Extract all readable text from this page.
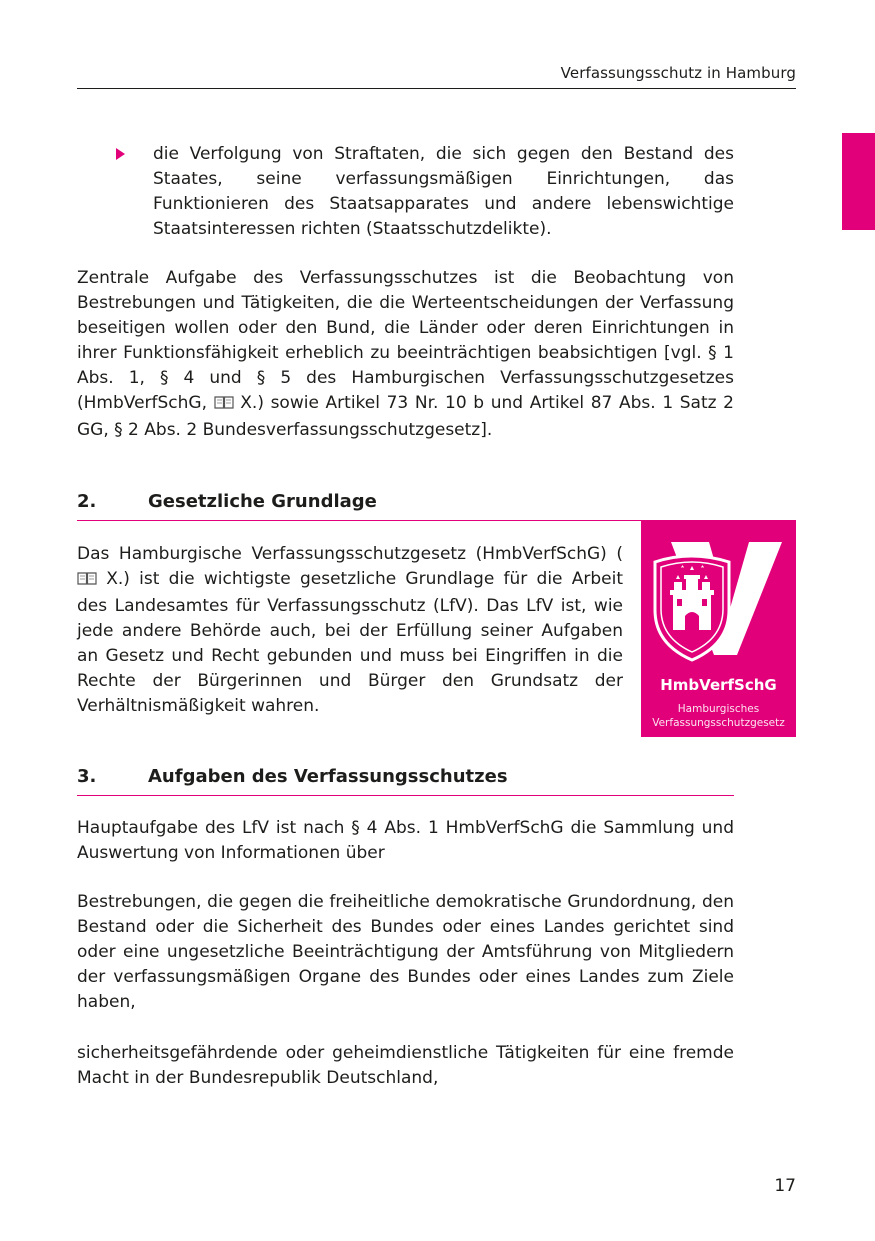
Verfassungsschutz in Hamburg

die Verfolgung von Straftaten, die sich gegen den Bestand des Staates, seine verfassungsmäßigen Einrichtungen, das Funktionieren des Staatsapparates und andere lebenswichtige Staatsinteressen richten (Staatsschutzdelikte).

Zentrale Aufgabe des Verfassungsschutzes ist die Beobachtung von Bestrebungen und Tätigkeiten, die die Werteentscheidungen der Verfassung beseitigen wollen oder den Bund, die Länder oder deren Einrichtungen in ihrer Funktionsfähigkeit erheblich zu beeinträchtigen beabsichtigen [vgl. § 1 Abs. 1, § 4 und § 5 des Hamburgischen Verfassungsschutzgesetzes (HmbVerfSchG,  X.) sowie Artikel 73 Nr. 10 b und Artikel 87 Abs. 1 Satz 2 GG, § 2 Abs. 2 Bundesverfassungsschutzgesetz].

2.	Gesetzliche Grundlage

Das Hamburgische Verfassungsschutzgesetz (HmbVerfSchG) ( X.) ist die wichtigste gesetzliche Grundlage für die Arbeit des Landesamtes für Verfassungsschutz (LfV). Das LfV ist, wie jede andere Behörde auch, bei der Erfüllung seiner Aufgaben an Gesetz und Recht gebunden und muss bei Eingriffen in die Rechte der Bürgerinnen und Bürger den Grundsatz der Verhältnismäßigkeit wahren.

HmbVerfSchG
Hamburgisches
Verfassungsschutzgesetz
3.	Aufgaben des Verfassungsschutzes

Hauptaufgabe des LfV ist nach § 4 Abs. 1 HmbVerfSchG die Sammlung und Auswertung von Informationen über

Bestrebungen, die gegen die freiheitliche demokratische Grundordnung, den Bestand oder die Sicherheit des Bundes oder eines Landes gerichtet sind oder eine ungesetzliche Beeinträchtigung der Amtsführung von Mitgliedern der verfassungsmäßigen Organe des Bundes oder eines Landes zum Ziele haben,

sicherheitsgefährdende oder geheimdienstliche Tätigkeiten für eine fremde Macht in der Bundesrepublik Deutschland,

17
